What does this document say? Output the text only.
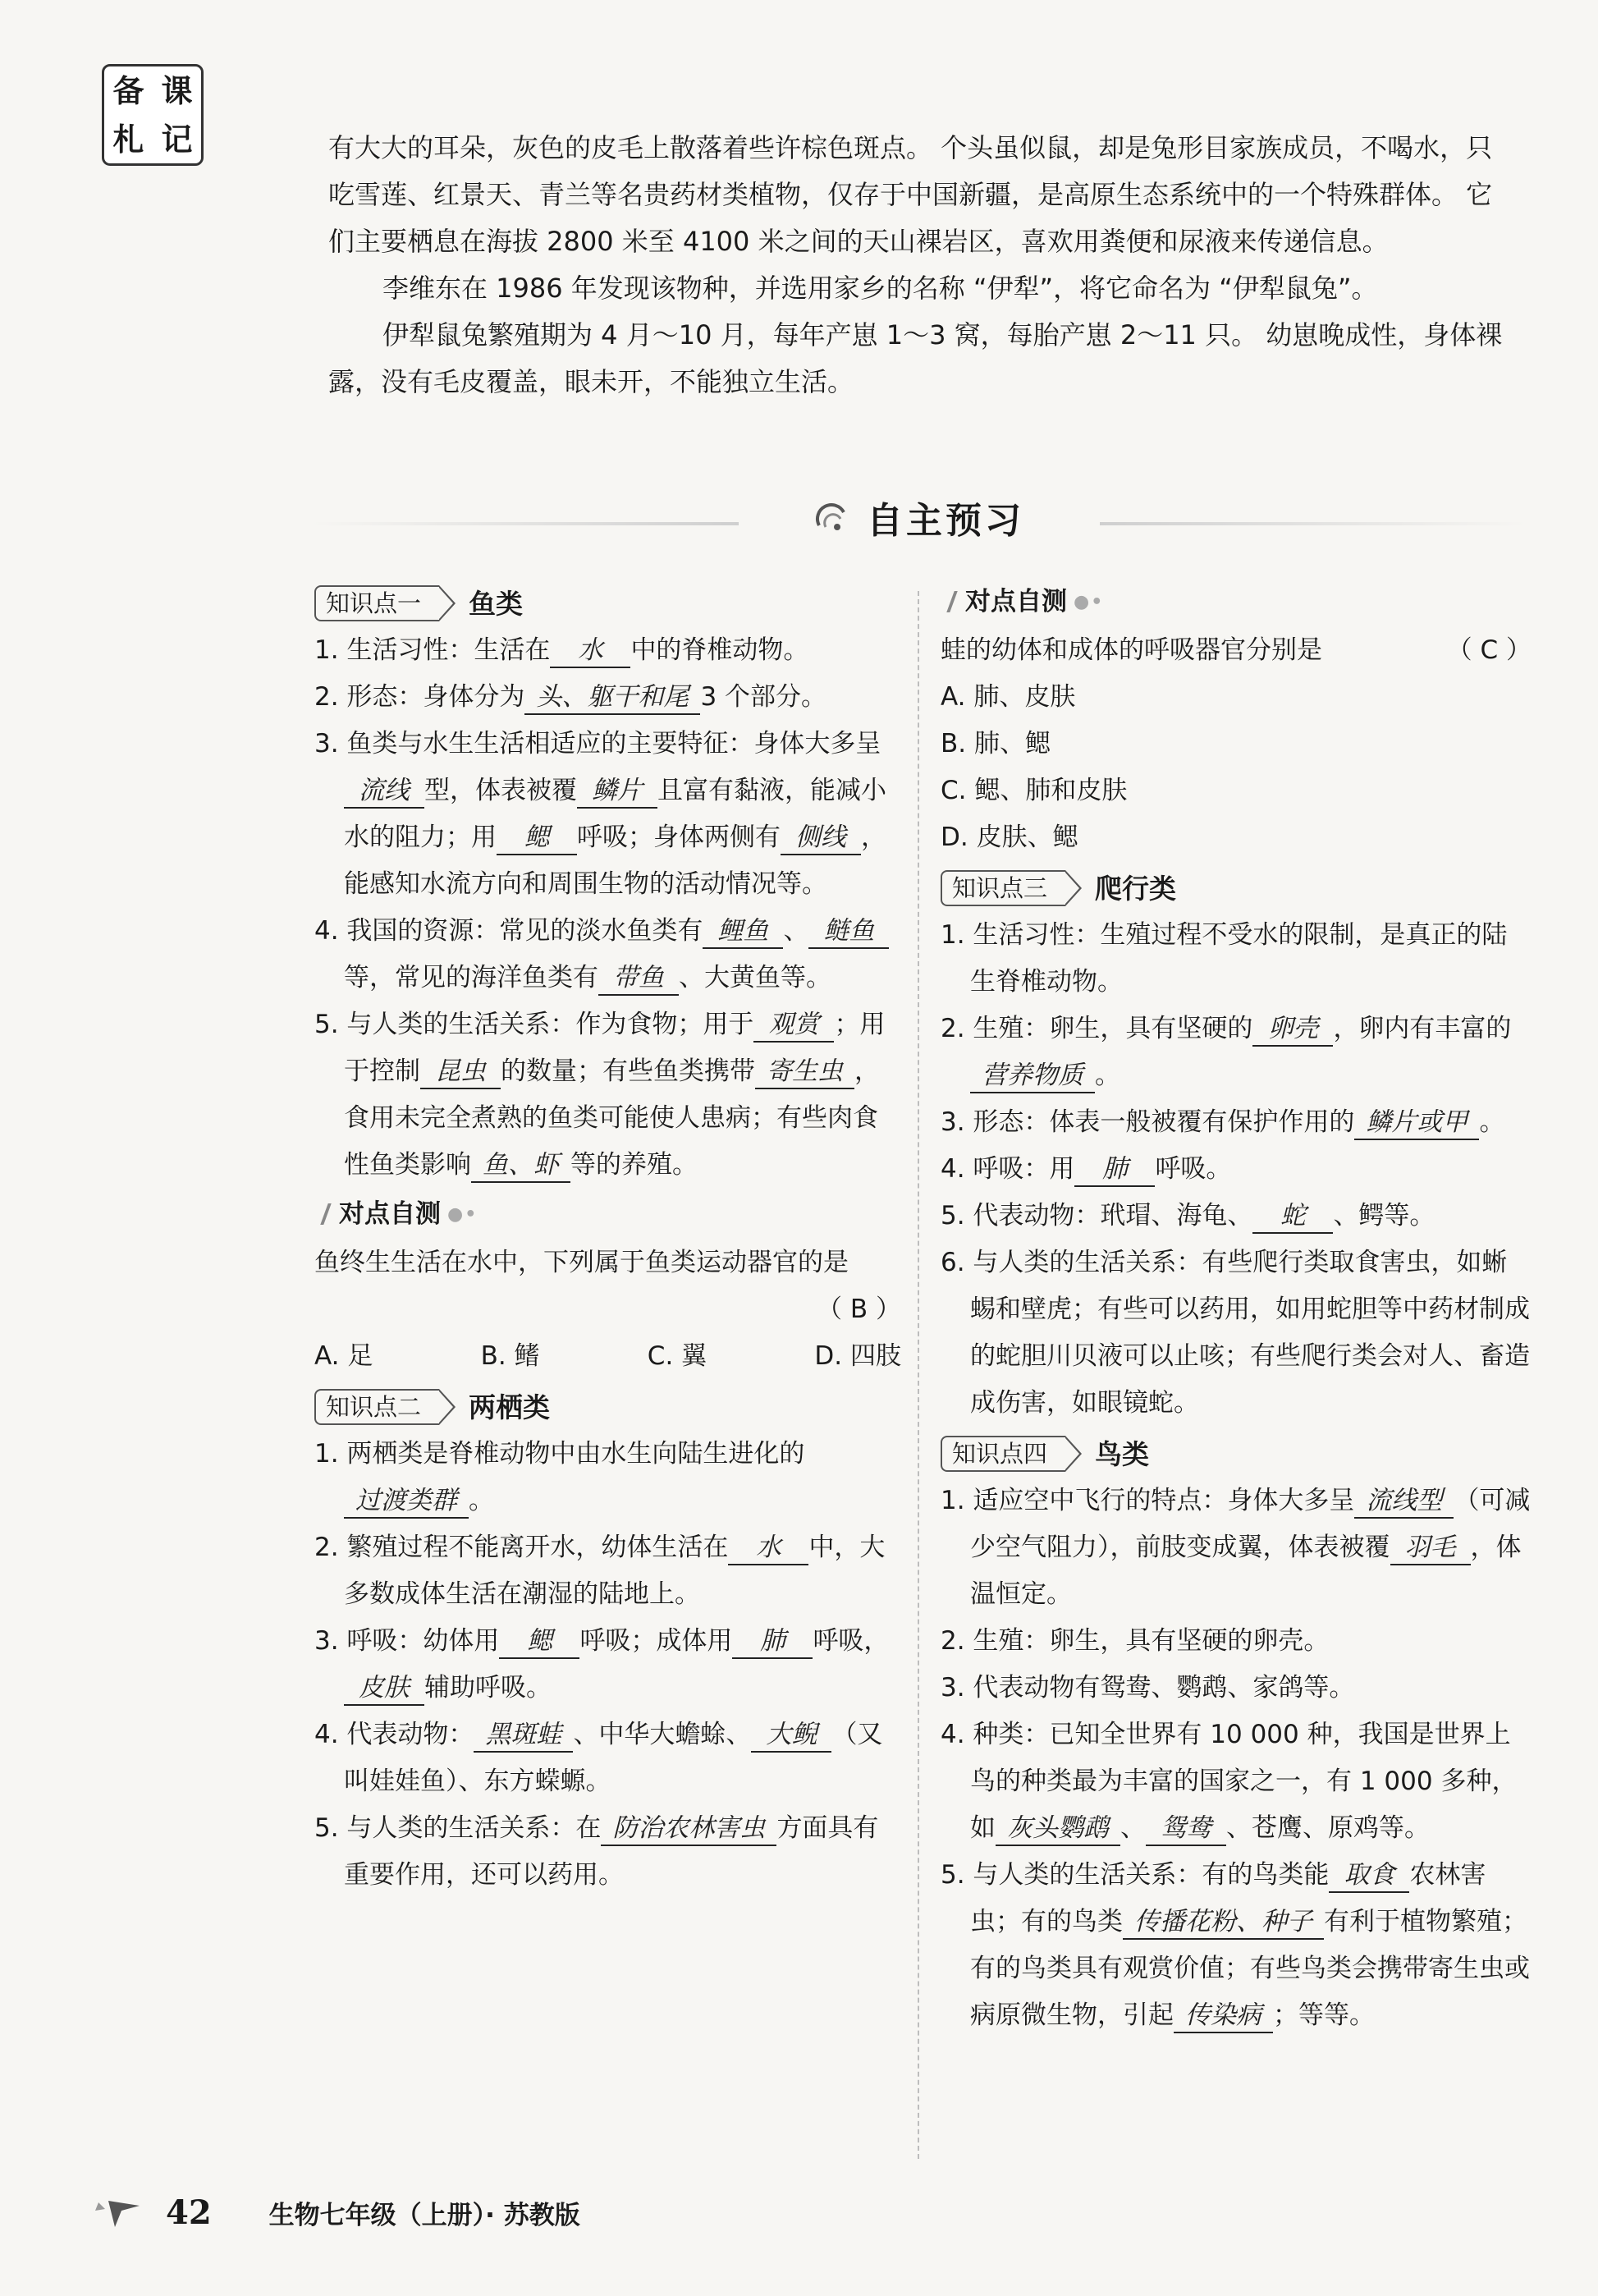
备 课
札 记	有大大的耳朵，灰色的皮毛上散落着些许棕色斑点。 个头虽似鼠，却是兔形目家族成员，不喝水，只吃雪莲、红景天、青兰等名贵药材类植物，仅存于中国新疆，是高原生态系统中的一个特殊群体。 它们主要栖息在海拔 2800 米至 4100 米之间的天山裸岩区，喜欢用粪便和尿液来传递信息。

李维东在 1986 年发现该物种，并选用家乡的名称 “伊犁”，将它命名为 “伊犁鼠兔”。

伊犁鼠兔繁殖期为 4 月～10 月，每年产崽 1～3 窝，每胎产崽 2～11 只。 幼崽晚成性，身体裸露，没有毛皮覆盖，眼未开，不能独立生活。

自主预习
知识点一	鱼类
1. 生活习性：生活在 水 中的脊椎动物。
2. 形态：身体分为 头、躯干和尾 3 个部分。
3. 鱼类与水生生活相适应的主要特征：身体大多呈流线 型，体表被覆 鳞片 且富有黏液，能减小水的阻力；用 鳃 呼吸；身体两侧有 侧线 ，能感知水流方向和周围生物的活动情况等。
4. 我国的资源：常见的淡水鱼类有 鲤鱼 、 鲢鱼等，常见的海洋鱼类有 带鱼 、大黄鱼等。
5. 与人类的生活关系：作为食物；用于 观赏 ；用于控制 昆虫 的数量；有些鱼类携带 寄生虫 ，食用未完全煮熟的鱼类可能使人患病；有些肉食性鱼类影响 鱼、虾 等的养殖。
对点自测 ●•
鱼终生生活在水中，下列属于鱼类运动器官的是
（ B ）
A. 足	B. 鳍	C. 翼	D. 四肢
知识点二	两栖类
1. 两栖类是脊椎动物中由水生向陆生进化的过渡类群 。
2. 繁殖过程不能离开水，幼体生活在 水 中，大多数成体生活在潮湿的陆地上。
3. 呼吸：幼体用 鳃 呼吸；成体用 肺 呼吸，皮肤 辅助呼吸。
4. 代表动物： 黑斑蛙 、中华大蟾蜍、 大鲵 （又叫娃娃鱼）、东方蝾螈。
5. 与人类的生活关系：在 防治农林害虫 方面具有重要作用，还可以药用。
对点自测 ●•
蛙的幼体和成体的呼吸器官分别是	（ C ）
A. 肺、皮肤
B. 肺、鳃
C. 鳃、肺和皮肤
D. 皮肤、鳃
知识点三	爬行类
1. 生活习性：生殖过程不受水的限制，是真正的陆生脊椎动物。
2. 生殖：卵生，具有坚硬的 卵壳 ，卵内有丰富的营养物质 。
3. 形态：体表一般被覆有保护作用的 鳞片或甲 。
4. 呼吸：用 肺 呼吸。
5. 代表动物：玳瑁、海龟、 蛇 、鳄等。
6. 与人类的生活关系：有些爬行类取食害虫，如蜥蜴和壁虎；有些可以药用，如用蛇胆等中药材制成的蛇胆川贝液可以止咳；有些爬行类会对人、畜造成伤害，如眼镜蛇。
知识点四	鸟类
1. 适应空中飞行的特点：身体大多呈 流线型 （可减少空气阻力），前肢变成翼，体表被覆 羽毛 ，体温恒定。
2. 生殖：卵生，具有坚硬的卵壳。
3. 代表动物有鸳鸯、鹦鹉、家鸽等。
4. 种类：已知全世界有 10 000 种，我国是世界上鸟的种类最为丰富的国家之一，有 1 000 多种，如 灰头鹦鹉 、 鸳鸯 、苍鹰、原鸡等。
5. 与人类的生活关系：有的鸟类能 取食 农林害虫；有的鸟类 传播花粉、种子 有利于植物繁殖；有的鸟类具有观赏价值；有些鸟类会携带寄生虫或病原微生物，引起 传染病 ；等等。
42 生物七年级（上册）· 苏教版
